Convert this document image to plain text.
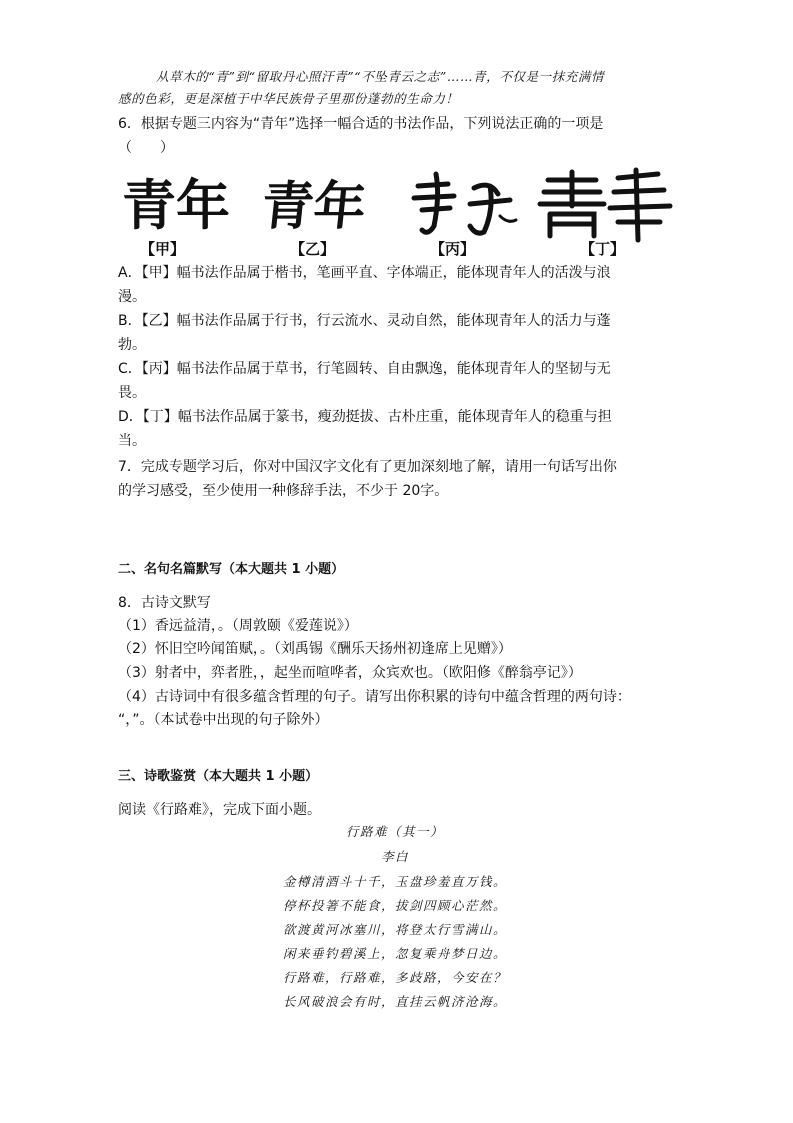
从草木的“青”到“留取丹心照汗青”“不坠青云之志”……青，不仅是一抹充满情
感的色彩，更是深植于中华民族骨子里那份蓬勃的生命力！
6．根据专题三内容为“青年”选择一幅合适的书法作品，下列说法正确的一项是
（　　）
青年 青年
【甲】	【乙】	【丙】	【丁】
A．【甲】幅书法作品属于楷书，笔画平直、字体端正，能体现青年人的活泼与浪
漫。
B．【乙】幅书法作品属于行书，行云流水、灵动自然，能体现青年人的活力与蓬
勃。
C．【丙】幅书法作品属于草书，行笔圆转、自由飘逸，能体现青年人的坚韧与无
畏。
D．【丁】幅书法作品属于篆书，瘦劲挺拔、古朴庄重，能体现青年人的稳重与担
当。
7．完成专题学习后，你对中国汉字文化有了更加深刻地了解，请用一句话写出你
的学习感受，至少使用一种修辞手法，不少于 20字。
二、名句名篇默写（本大题共 1 小题）
8．古诗文默写
（1）香远益清，。（周敦颐《爱莲说》）
（2）怀旧空吟闻笛赋，。（刘禹锡《酬乐天扬州初逢席上见赠》）
（3）射者中，弈者胜，，起坐而喧哗者，众宾欢也。（欧阳修《醉翁亭记》）
（4）古诗词中有很多蕴含哲理的句子。请写出你积累的诗句中蕴含哲理的两句诗：
“，”。（本试卷中出现的句子除外）
三、诗歌鉴赏（本大题共 1 小题）
阅读《行路难》，完成下面小题。
行路难（其一）
李白
金樽清酒斗十千，玉盘珍羞直万钱。
停杯投箸不能食，拔剑四顾心茫然。
欲渡黄河冰塞川，将登太行雪满山。
闲来垂钓碧溪上，忽复乘舟梦日边。
行路难，行路难，多歧路，今安在？
长风破浪会有时，直挂云帆济沧海。
